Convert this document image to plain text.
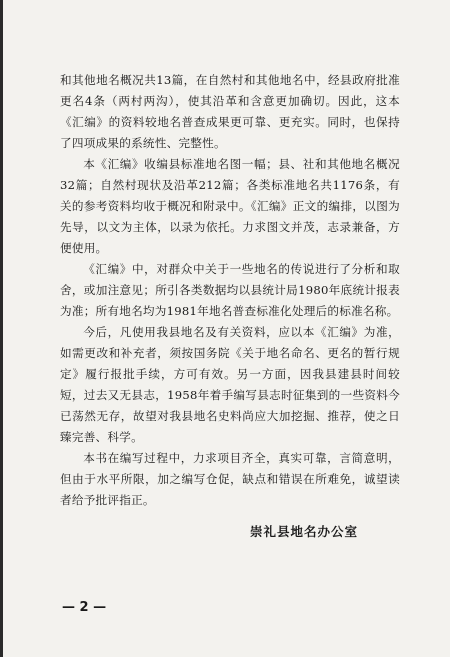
和其他地名概况共13篇，在自然村和其他地名中，经县政府批准更名4条（两村两沟），使其沿革和含意更加确切。因此，这本《汇编》的资料较地名普查成果更可靠、更充实。同时，也保持了四项成果的系统性、完整性。

本《汇编》收编县标准地名图一幅；县、社和其他地名概况32篇；自然村现状及沿革212篇；各类标准地名共1176条，有关的参考资料均收于概况和附录中。《汇编》正文的编排，以图为先导，以文为主体，以录为依托。力求图文并茂，志录兼备，方便使用。

《汇编》中，对群众中关于一些地名的传说进行了分析和取舍，或加注意见；所引各类数据均以县统计局1980年底统计报表为准；所有地名均为1981年地名普查标准化处理后的标准名称。

今后，凡使用我县地名及有关资料，应以本《汇编》为准，如需更改和补充者，须按国务院《关于地名命名、更名的暂行规定》履行报批手续，方可有效。另一方面，因我县建县时间较短，过去又无县志，1958年着手编写县志时征集到的一些资料今已荡然无存，故望对我县地名史料尚应大加挖掘、推荐，使之日臻完善、科学。

本书在编写过程中，力求项目齐全，真实可靠，言简意明，但由于水平所限，加之编写仓促，缺点和错误在所难免，诚望读者给予批评指正。

崇礼县地名办公室
— 2 —
